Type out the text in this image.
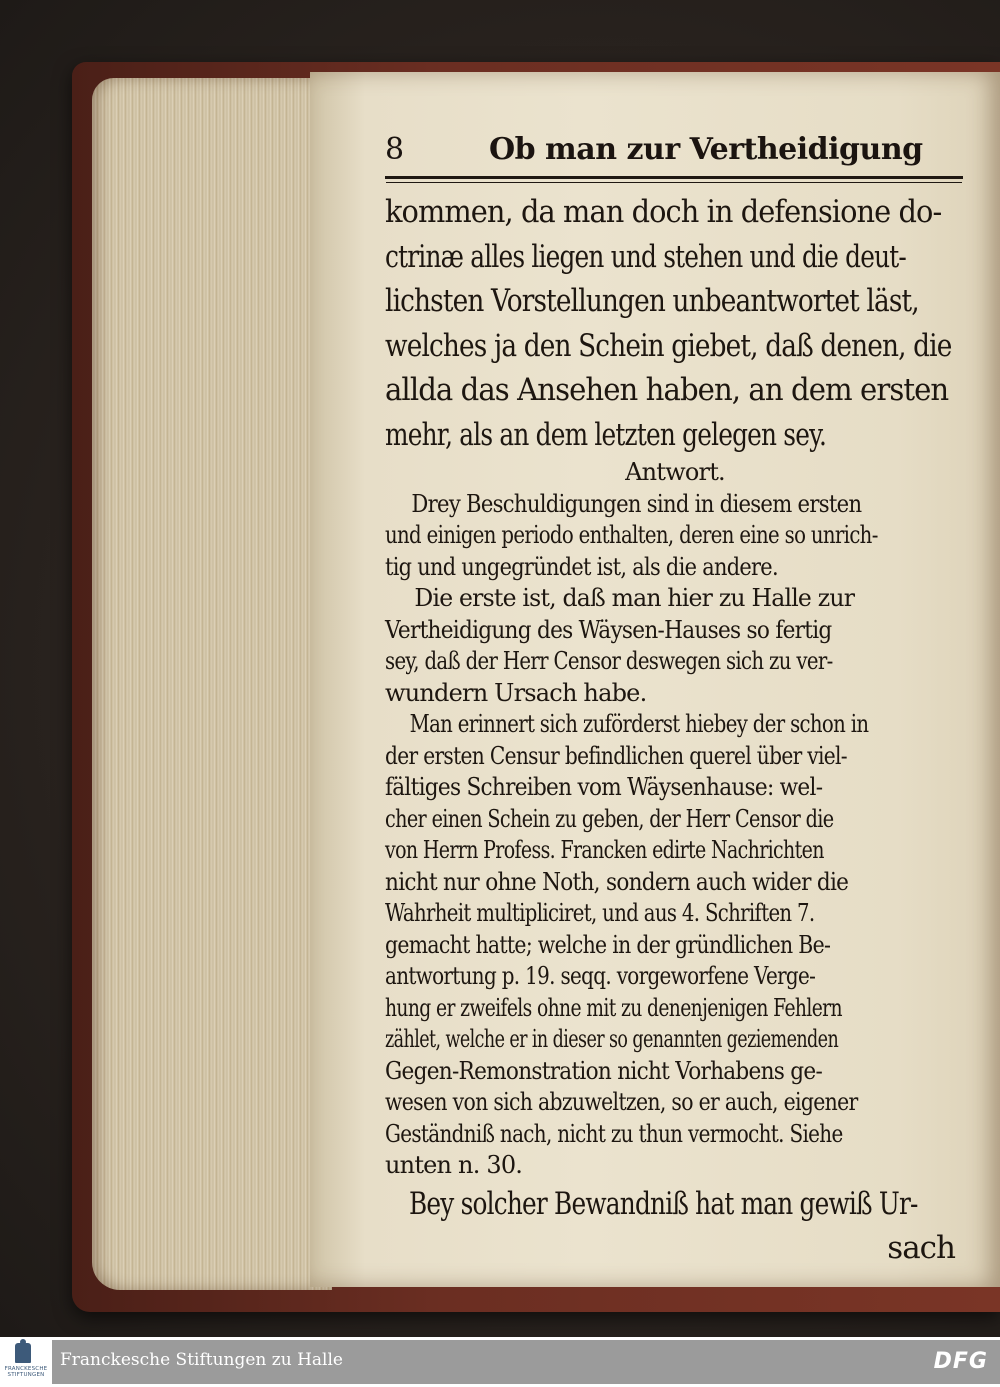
8	Ob man zur Vertheidigung
kommen, da man doch in defensione do-
ctrinæ alles liegen und stehen und die deut-
lichsten Vorstellungen unbeantwortet läst,
welches ja den Schein giebet, daß denen, die
allda das Ansehen haben, an dem ersten
mehr, als an dem letzten gelegen sey.
Antwort.
Drey Beschuldigungen sind in diesem ersten
und einigen periodo enthalten, deren eine so unrich-
tig und ungegründet ist, als die andere.
Die erste ist, daß man hier zu Halle zur
Vertheidigung des Wäysen-Hauses so fertig
sey, daß der Herr Censor deswegen sich zu ver-
wundern Ursach habe.
Man erinnert sich zuförderst hiebey der schon in
der ersten Censur befindlichen querel über viel-
fältiges Schreiben vom Wäysenhause: wel-
cher einen Schein zu geben, der Herr Censor die
von Herrn Profess. Francken edirte Nachrichten
nicht nur ohne Noth, sondern auch wider die
Wahrheit multipliciret, und aus 4. Schriften 7.
gemacht hatte; welche in der gründlichen Be-
antwortung p. 19. seqq. vorgeworfene Verge-
hung er zweifels ohne mit zu denenjenigen Fehlern
zählet, welche er in dieser so genannten geziemenden
Gegen-Remonstration nicht Vorhabens ge-
wesen von sich abzuweltzen, so er auch, eigener
Geständniß nach, nicht zu thun vermocht. Siehe
unten n. 30.
Bey solcher Bewandniß hat man gewiß Ur-
sach
FRANCKESCHE
STIFTUNGEN
Franckesche Stiftungen zu Halle	DFG
